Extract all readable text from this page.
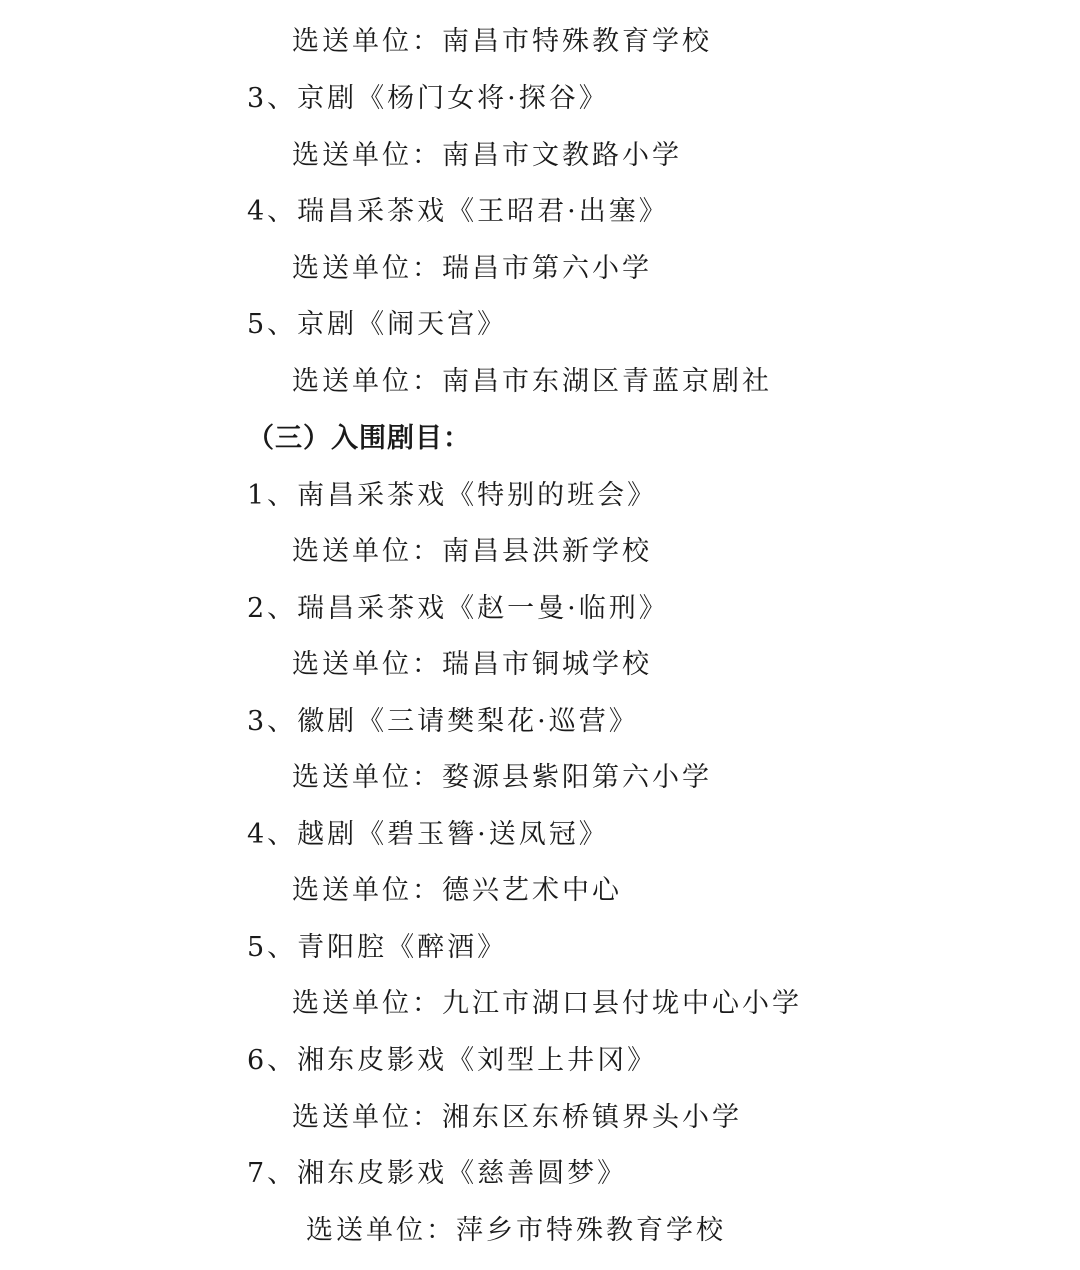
选送单位：南昌市特殊教育学校
3、京剧《杨门女将·探谷》
选送单位：南昌市文教路小学
4、瑞昌采茶戏《王昭君·出塞》
选送单位：瑞昌市第六小学
5、京剧《闹天宫》
选送单位：南昌市东湖区青蓝京剧社
（三）入围剧目：
1、南昌采茶戏《特别的班会》
选送单位：南昌县洪新学校
2、瑞昌采茶戏《赵一曼·临刑》
选送单位：瑞昌市铜城学校
3、徽剧《三请樊梨花·巡营》
选送单位：婺源县紫阳第六小学
4、越剧《碧玉簪·送凤冠》
选送单位：德兴艺术中心
5、青阳腔《醉酒》
选送单位：九江市湖口县付垅中心小学
6、湘东皮影戏《刘型上井冈》
选送单位：湘东区东桥镇界头小学
7、湘东皮影戏《慈善圆梦》
选送单位：萍乡市特殊教育学校
